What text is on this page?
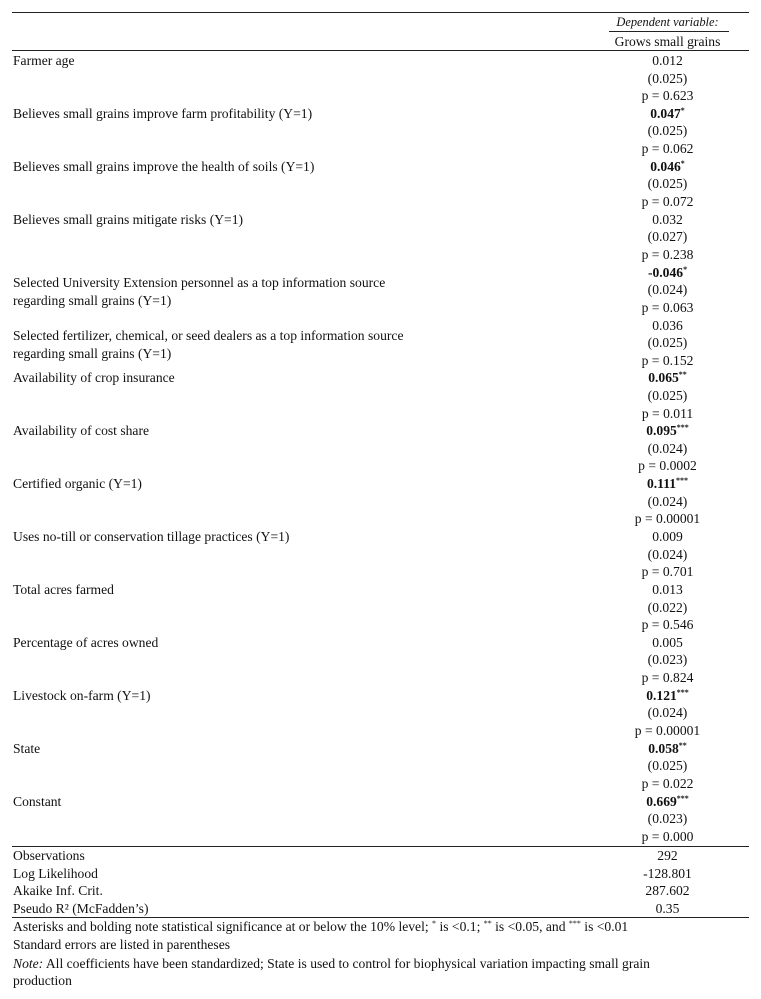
Dependent variable :
Grows small grains
Farmer age	0.012
(0.025)
p = 0.623
Believes small grains improve farm profitability (Y=1)	0.047*
(0.025)
p = 0.062
Believes small grains improve the health of soils (Y=1)	0.046*
(0.025)
p = 0.072
Believes small grains mitigate risks (Y=1)	0.032
(0.027)
p = 0.238
Selected University Extension personnel as a top information source
regarding small grains (Y=1)
-0.046*
(0.024)
p = 0.063
Selected fertilizer, chemical, or seed dealers as a top information source
regarding small grains (Y=1)
0.036
(0.025)
p = 0.152
Availability of crop insurance	0.065**
(0.025)
p = 0.011
Availability of cost share	0.095***
(0.024)
p = 0.0002
Certified organic (Y=1)	0.111***
(0.024)
p = 0.00001
Uses no-till or conservation tillage practices (Y=1)	0.009
(0.024)
p = 0.701
Total acres farmed	0.013
(0.022)
p = 0.546
Percentage of acres owned	0.005
(0.023)
p = 0.824
Livestock on-farm (Y=1)	0.121***
(0.024)
p = 0.00001
State	0.058**
(0.025)
p = 0.022
Constant	0.669***
(0.023)
p = 0.000
Observations	292
Log Likelihood	-128.801
Akaike Inf. Crit.	287.602
Pseudo R² (McFadden’s)	0.35
Asterisks and bolding note statistical significance at or below the 10% level; * is <0.1; ** is <0.05, and *** is <0.01
Standard errors are listed in parentheses
Note: All coefficients have been standardized; State is used to control for biophysical variation impacting small grain
production
